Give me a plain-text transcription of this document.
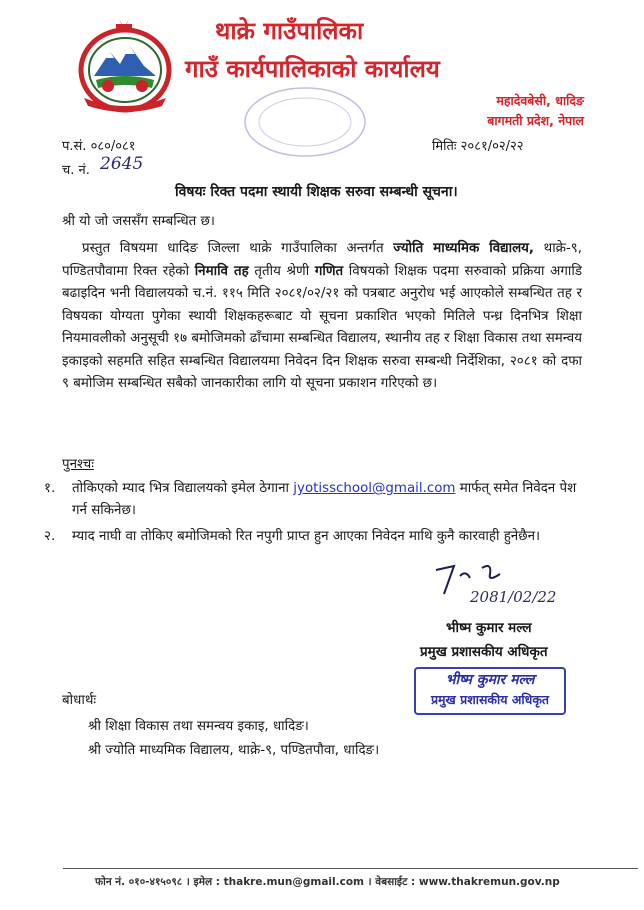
थाक्रे गाउँपालिका
गाउँ कार्यपालिकाको कार्यालय
महादेवबेसी, धादिङ
बागमती प्रदेश, नेपाल
प.सं. ०८०/०८१
च. नं. 2645
मितिः २०८१/०२/२२
विषयः रिक्त पदमा स्थायी शिक्षक सरुवा सम्बन्धी सूचना।
श्री यो जो जससँग सम्बन्धित छ।
प्रस्तुत विषयमा धादिङ जिल्ला थाक्रे गाउँपालिका अन्तर्गत ज्योति माध्यमिक विद्यालय, थाक्रे-९, पण्डितपौवामा रिक्त रहेको निमावि तह तृतीय श्रेणी गणित विषयको शिक्षक पदमा सरुवाको प्रक्रिया अगाडि बढाइदिन भनी विद्यालयको च.नं. ११५ मिति २०८१/०२/२१ को पत्रबाट अनुरोध भई आएकोले सम्बन्धित तह र विषयका योग्यता पुगेका स्थायी शिक्षकहरूबाट यो सूचना प्रकाशित भएको मितिले पन्ध्र दिनभित्र शिक्षा नियमावलीको अनुसूची १७ बमोजिमको ढाँचामा सम्बन्धित विद्यालय, स्थानीय तह र शिक्षा विकास तथा समन्वय इकाइको सहमति सहित सम्बन्धित विद्यालयमा निवेदन दिन शिक्षक सरुवा सम्बन्धी निर्देशिका, २०८१ को दफा ९ बमोजिम सम्बन्धित सबैको जानकारीका लागि यो सूचना प्रकाशन गरिएको छ।
पुनश्चः
१. तोकिएको म्याद भित्र विद्यालयको इमेल ठेगाना jyotisschool@gmail.com मार्फत् समेत निवेदन पेश
गर्न सकिनेछ।
२. म्याद नाघी वा तोकिए बमोजिमको रित नपुगी प्राप्त हुन आएका निवेदन माथि कुनै कारवाही हुनेछैन।
2081/02/22
भीष्म कुमार मल्ल
प्रमुख प्रशासकीय अधिकृत
भीष्म कुमार मल्ल
प्रमुख प्रशासकीय अधिकृत
बोधार्थः
श्री शिक्षा विकास तथा समन्वय इकाइ, धादिङ।
श्री ज्योति माध्यमिक विद्यालय, थाक्रे-९, पण्डितपौवा, धादिङ।
फोन नं. ०१०-४१५०९८ । इमेल : thakre.mun@gmail.com । वेबसाईट : www.thakremun.gov.np
